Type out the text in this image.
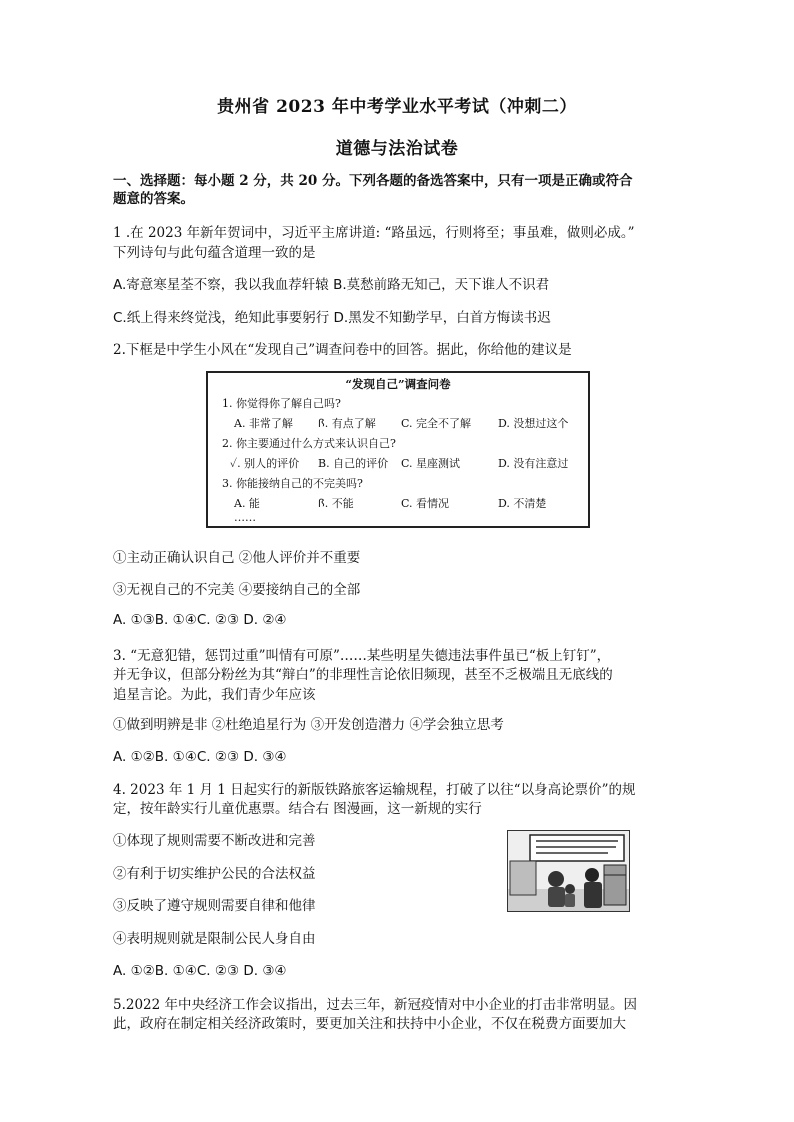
贵州省 2023 年中考学业水平考试（冲刺二）
道德与法治试卷
一、选择题：每小题 2 分，共 20 分。下列各题的备选答案中，只有一项是正确或符合
题意的答案。
1 .在 2023 年新年贺词中，习近平主席讲道: “路虽远，行则将至；事虽难，做则必成。”
下列诗句与此句蕴含道理一致的是
A.寄意寒星荃不察，我以我血荐轩辕 B.莫愁前路无知己，天下谁人不识君
C.纸上得来终觉浅，绝知此事要躬行 D.黑发不知勤学早，白首方悔读书迟
2.下框是中学生小风在“发现自己”调查问卷中的回答。据此，你给他的建议是
“发现自己”调查问卷
1. 你觉得你了解自己吗?
A. 非常了解 ꟗ. 有点了解 C. 完全不了解 D. 没想过这个
2. 你主要通过什么方式来认识自己?
✓. 别人的评价 B. 自己的评价 C. 星座测试	D. 没有注意过
3. 你能接纳自己的不完美吗?
A. 能	ꟗ. 不能	C. 看情况	D. 不清楚
……
①主动正确认识自己 ②他人评价并不重要
③无视自己的不完美 ④要接纳自己的全部
A. ①③B. ①④C. ②③ D. ②④
3. “无意犯错，惩罚过重”叫情有可原”……某些明星失德违法事件虽已“板上钉钉”，
并无争议，但部分粉丝为其“辩白”的非理性言论依旧频现，甚至不乏极端且无底线的
追星言论。为此，我们青少年应该
①做到明辨是非 ②杜绝追星行为 ③开发创造潜力 ④学会独立思考
A. ①②B. ①④C. ②③ D. ③④
4. 2023 年 1 月 1 日起实行的新版铁路旅客运输规程，打破了以往“以身高论票价”的规
定，按年龄实行儿童优惠票。结合右 图漫画，这一新规的实行
①体现了规则需要不断改进和完善
②有利于切实维护公民的合法权益
③反映了遵守规则需要自律和他律
④表明规则就是限制公民人身自由
A. ①②B. ①④C. ②③ D. ③④
5.2022 年中央经济工作会议指出，过去三年，新冠疫情对中小企业的打击非常明显。因
此，政府在制定相关经济政策时，要更加关注和扶持中小企业，不仅在税费方面要加大
